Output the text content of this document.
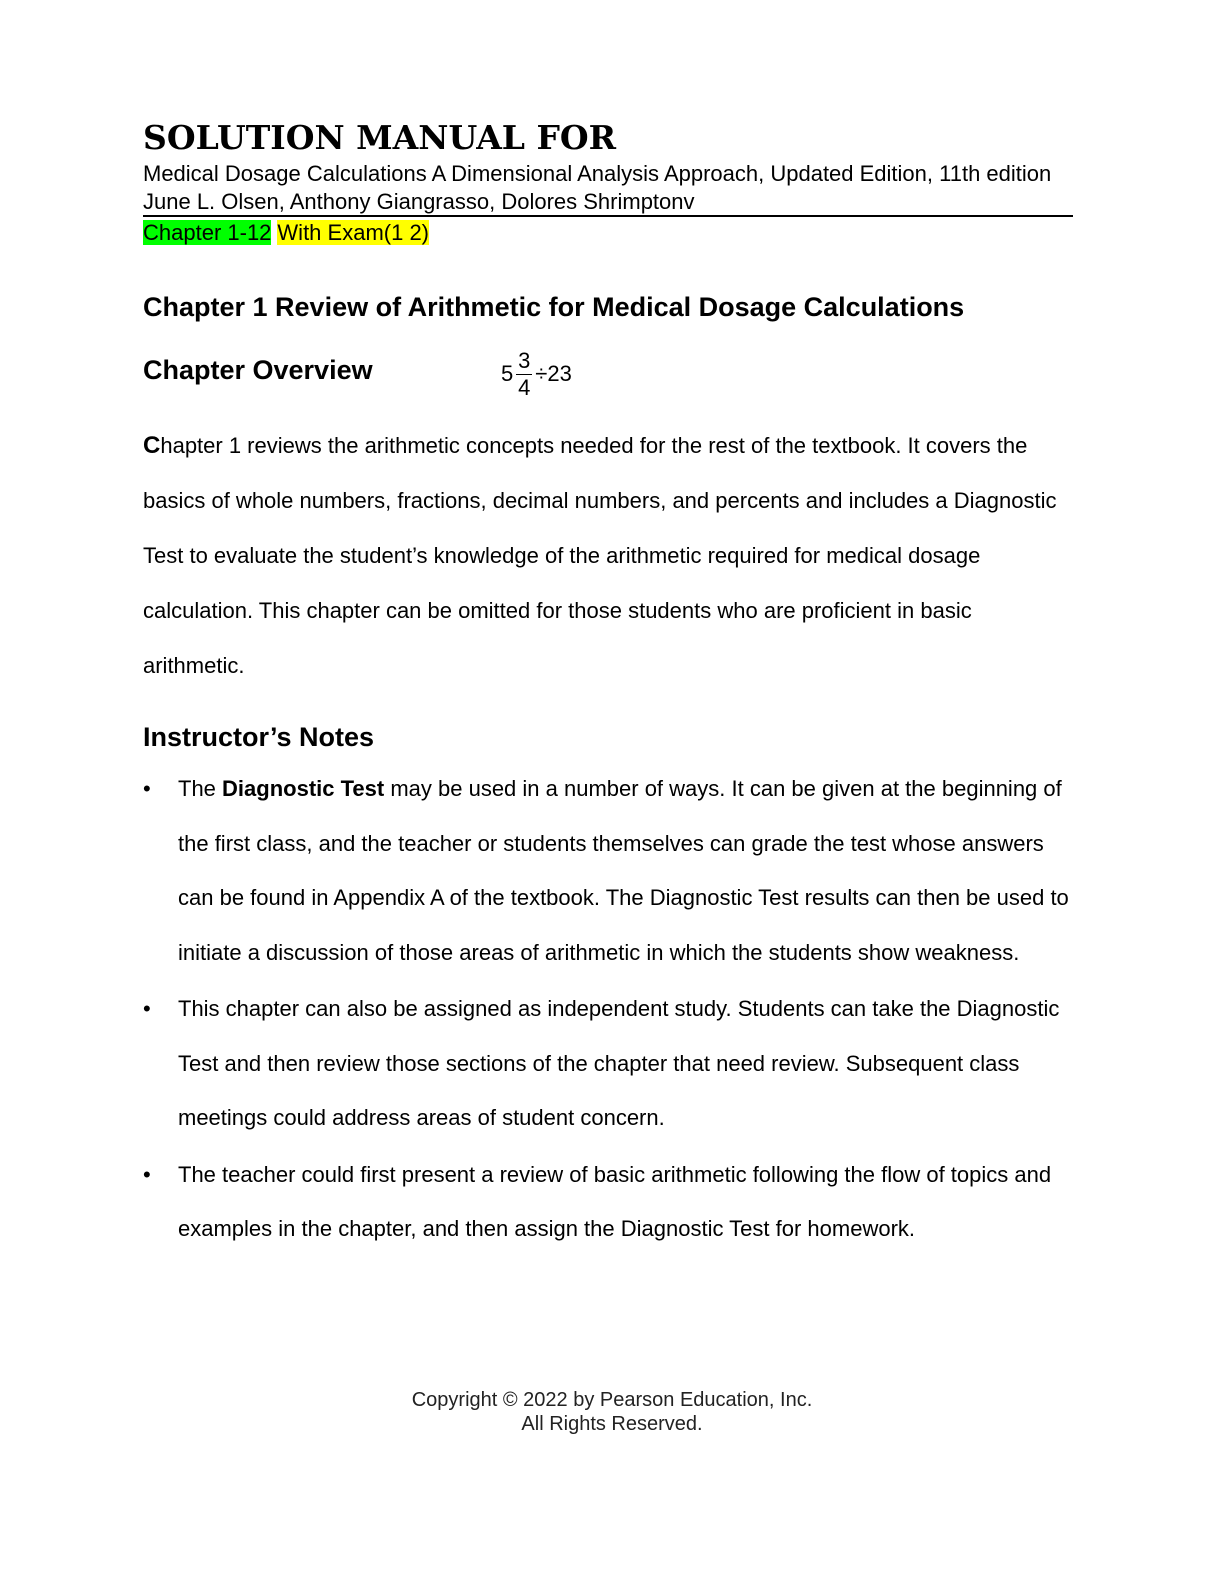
SOLUTION MANUAL FOR
Medical Dosage Calculations A Dimensional Analysis Approach, Updated Edition, 11th edition June L. Olsen, Anthony Giangrasso, Dolores Shrimptonv
Chapter 1-12 With Exam(1 2)
Chapter 1 Review of Arithmetic for Medical Dosage Calculations
Chapter Overview	$5 \frac{3}{4} \div 23$
Chapter 1 reviews the arithmetic concepts needed for the rest of the textbook. It covers the basics of whole numbers, fractions, decimal numbers, and percents and includes a Diagnostic Test to evaluate the student’s knowledge of the arithmetic required for medical dosage calculation. This chapter can be omitted for those students who are proficient in basic arithmetic.
Instructor’s Notes
• The Diagnostic Test may be used in a number of ways. It can be given at the beginning of the first class, and the teacher or students themselves can grade the test whose answers can be found in Appendix A of the textbook. The Diagnostic Test results can then be used to initiate a discussion of those areas of arithmetic in which the students show weakness.
• This chapter can also be assigned as independent study. Students can take the Diagnostic Test and then review those sections of the chapter that need review. Subsequent class meetings could address areas of student concern.
• The teacher could first present a review of basic arithmetic following the flow of topics and examples in the chapter, and then assign the Diagnostic Test for homework.
Copyright © 2022 by Pearson Education, Inc.
All Rights Reserved.
